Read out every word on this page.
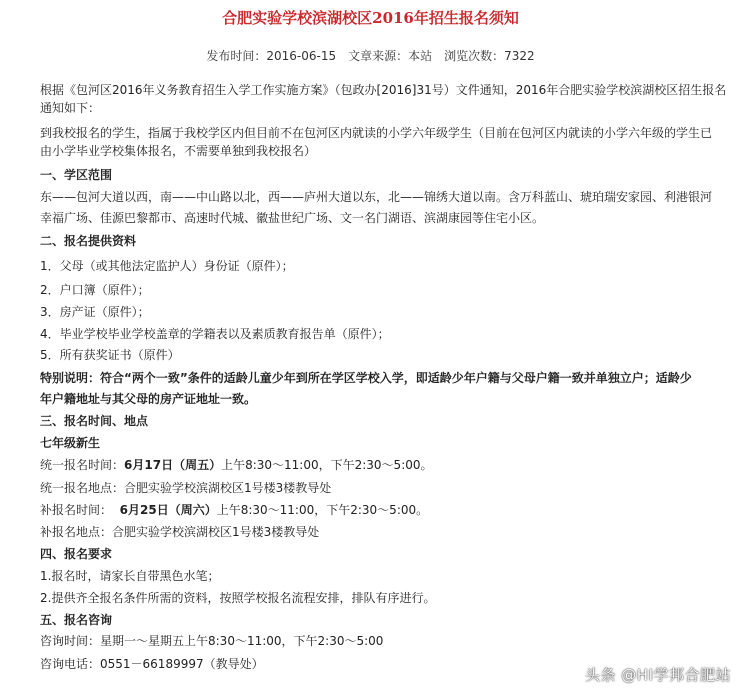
合肥实验学校滨湖校区2016年招生报名须知
发布时间：2016-06-15 文章来源：本站 浏览次数：7322
根据《包河区2016年义务教育招生入学工作实施方案》（包政办[2016]31号）文件通知，2016年合肥实验学校滨湖校区招生报名
通知如下：
到我校报名的学生，指属于我校学区内但目前不在包河区内就读的小学六年级学生（目前在包河区内就读的小学六年级的学生已
由小学毕业学校集体报名，不需要单独到我校报名）
一、学区范围
东——包河大道以西，南——中山路以北，西——庐州大道以东，北——锦绣大道以南。含万科蓝山、琥珀瑞安家园、利港银河
幸福广场、佳源巴黎都市、高速时代城、徽盐世纪广场、文一名门湖语、滨湖康园等住宅小区。
二、报名提供资料
1．父母（或其他法定监护人）身份证（原件）；
2．户口簿（原件）；
3．房产证（原件）；
4．毕业学校毕业学校盖章的学籍表以及素质教育报告单（原件）；
5．所有获奖证书（原件）
特别说明：符合“两个一致”条件的适龄儿童少年到所在学区学校入学，即适龄少年户籍与父母户籍一致并单独立户；适龄少
年户籍地址与其父母的房产证地址一致。
三、报名时间、地点
七年级新生
统一报名时间：6月17日（周五）上午8:30～11:00，下午2:30～5:00。
统一报名地点：合肥实验学校滨湖校区1号楼3楼教导处
补报名时间：  6月25日（周六）上午8:30～11:00，下午2:30～5:00。
补报名地点：合肥实验学校滨湖校区1号楼3楼教导处
四、报名要求
1.报名时，请家长自带黑色水笔；
2.提供齐全报名条件所需的资料，按照学校报名流程安排，排队有序进行。
五、报名咨询
咨询时间：星期一～星期五上午8:30～11:00，下午2:30～5:00
咨询电话：0551－66189997（教导处）
头条 @HI学邦合肥站
